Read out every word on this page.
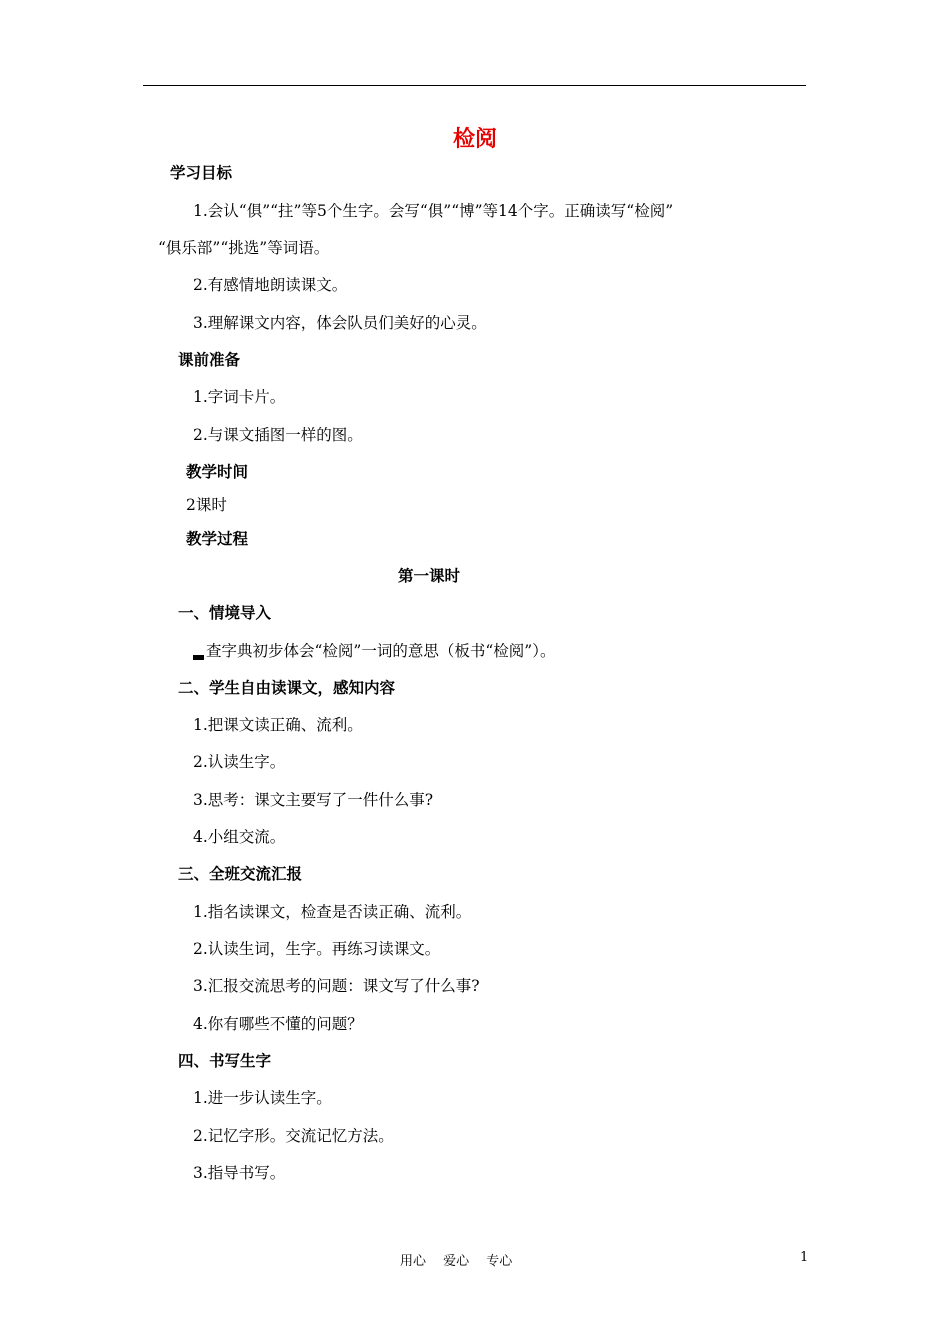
检阅
学习目标
1.会认“俱”“拄”等5个生字。会写“俱”“博”等14个字。正确读写“检阅”
“俱乐部”“挑选”等词语。
2.有感情地朗读课文。
3.理解课文内容，体会队员们美好的心灵。
课前准备
1.字词卡片。
2.与课文插图一样的图。
教学时间
2课时
教学过程
第一课时
一、情境导入
查字典初步体会“检阅”一词的意思（板书“检阅”）。
二、学生自由读课文，感知内容
1.把课文读正确、流利。
2.认读生字。
3.思考：课文主要写了一件什么事?
4.小组交流。
三、全班交流汇报
1.指名读课文，检查是否读正确、流利。
2.认读生词，生字。再练习读课文。
3.汇报交流思考的问题：课文写了什么事?
4.你有哪些不懂的问题？
四、书写生字
1.进一步认读生字。
2.记忆字形。交流记忆方法。
3.指导书写。
用心　 爱心　 专心	1
